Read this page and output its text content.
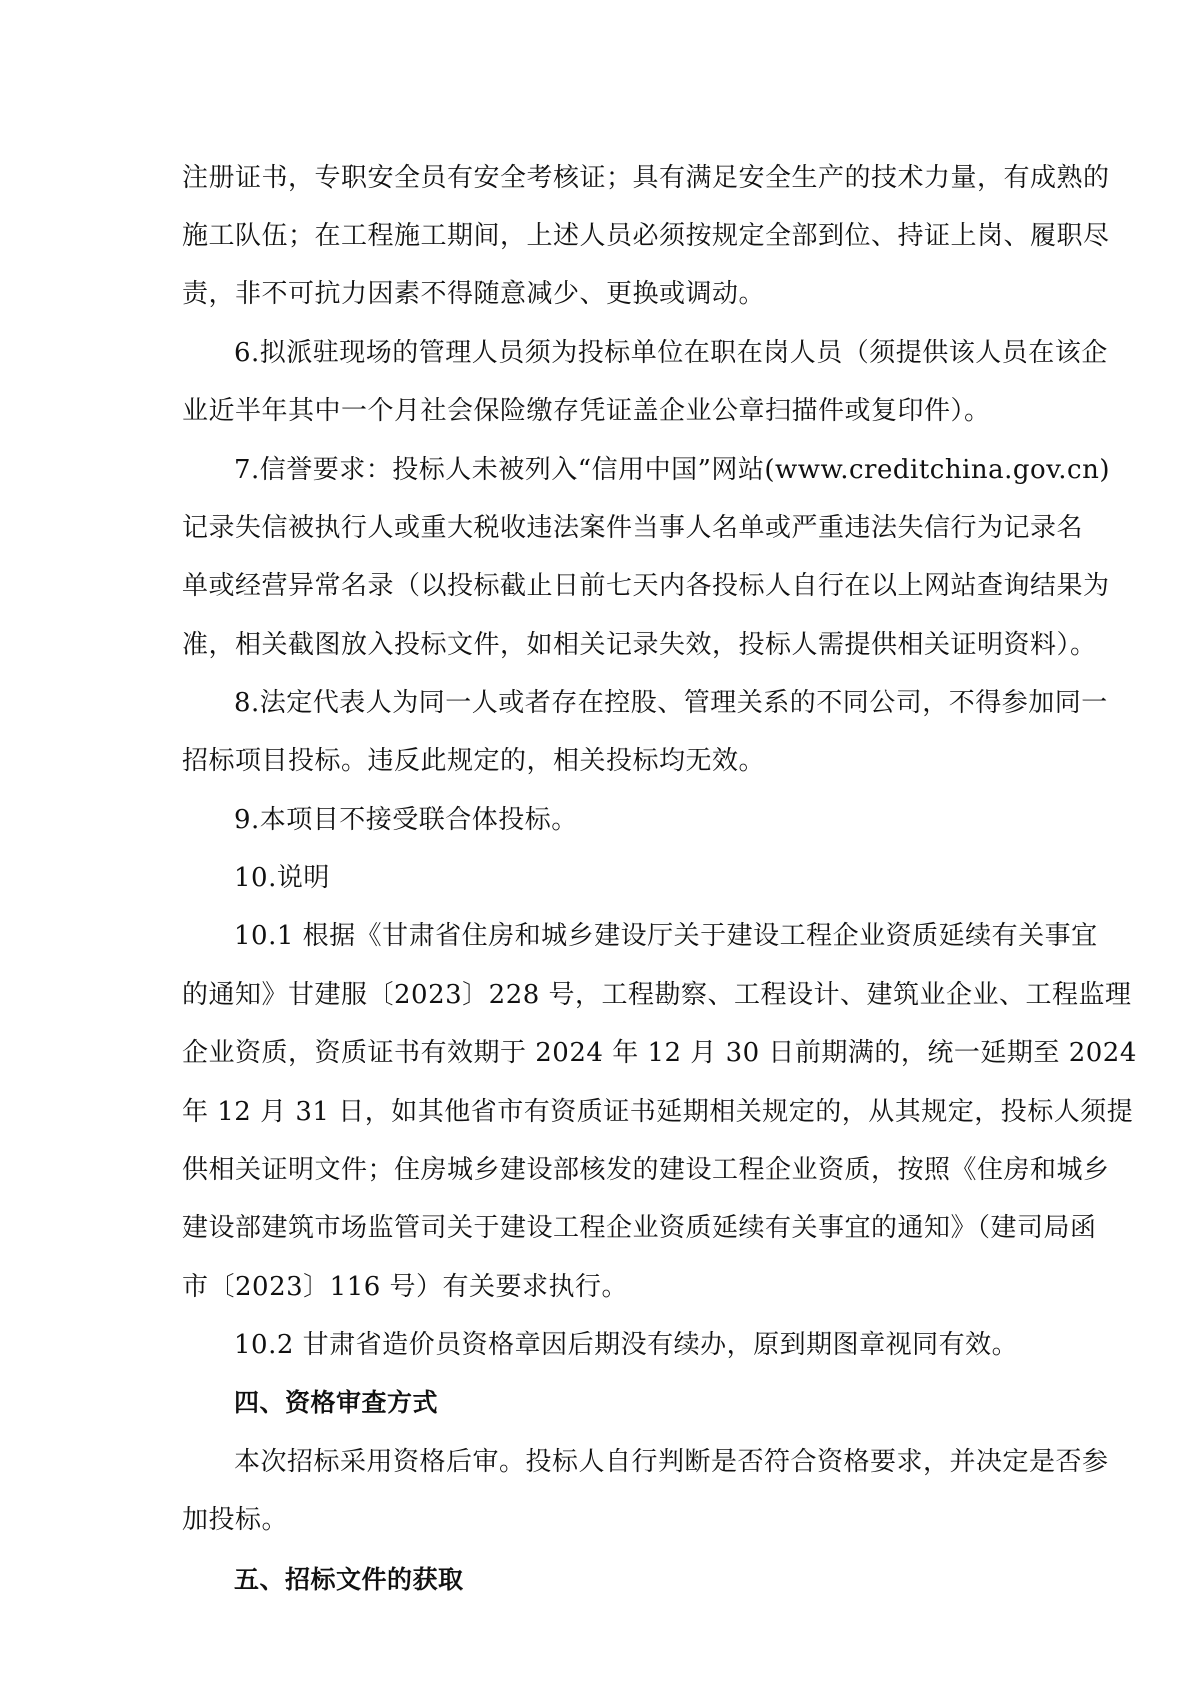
注册证书，专职安全员有安全考核证；具有满足安全生产的技术力量，有成熟的
施工队伍；在工程施工期间，上述人员必须按规定全部到位、持证上岗、履职尽
责，非不可抗力因素不得随意减少、更换或调动。
6.拟派驻现场的管理人员须为投标单位在职在岗人员（须提供该人员在该企
业近半年其中一个月社会保险缴存凭证盖企业公章扫描件或复印件）。
7.信誉要求：投标人未被列入“信用中国”网站(www.creditchina.gov.cn)
记录失信被执行人或重大税收违法案件当事人名单或严重违法失信行为记录名
单或经营异常名录（以投标截止日前七天内各投标人自行在以上网站查询结果为
准，相关截图放入投标文件，如相关记录失效，投标人需提供相关证明资料）。
8.法定代表人为同一人或者存在控股、管理关系的不同公司，不得参加同一
招标项目投标。违反此规定的，相关投标均无效。
9.本项目不接受联合体投标。
10.说明
10.1 根据《甘肃省住房和城乡建设厅关于建设工程企业资质延续有关事宜
的通知》甘建服〔2023〕228 号，工程勘察、工程设计、建筑业企业、工程监理
企业资质，资质证书有效期于 2024 年 12 月 30 日前期满的，统一延期至 2024
年 12 月 31 日，如其他省市有资质证书延期相关规定的，从其规定，投标人须提
供相关证明文件；住房城乡建设部核发的建设工程企业资质，按照《住房和城乡
建设部建筑市场监管司关于建设工程企业资质延续有关事宜的通知》（建司局函
市〔2023〕116 号）有关要求执行。
10.2 甘肃省造价员资格章因后期没有续办，原到期图章视同有效。
四、资格审查方式
本次招标采用资格后审。投标人自行判断是否符合资格要求，并决定是否参
加投标。
五、招标文件的获取
